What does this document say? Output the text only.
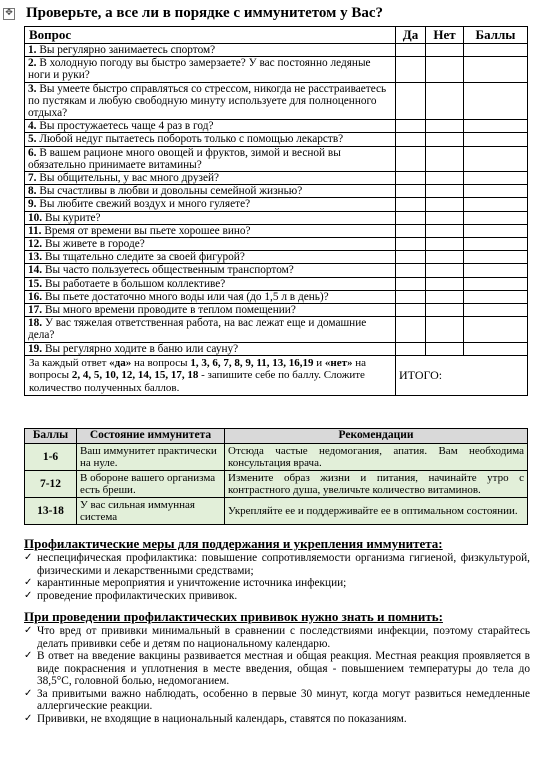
✥ Проверьте, а все ли в порядке с иммунитетом у Вас?
Вопрос	Да	Нет	Баллы
1. Вы регулярно занимаетесь спортом?			
2. В холодную погоду вы быстро замерзаете? У вас постоянно ледяные ноги и руки?			
3. Вы умеете быстро справляться со стрессом, никогда не расстраиваетесь по пустякам и любую свободную минуту используете для полноценного отдыха?			
4. Вы простужаетесь чаще 4 раз в год?			
5. Любой недуг пытаетесь побороть только с помощью лекарств?			
6. В вашем рационе много овощей и фруктов, зимой и весной вы обязательно принимаете витамины?			
7. Вы общительны, у вас много друзей?			
8. Вы счастливы в любви и довольны семейной жизнью?			
9. Вы любите свежий воздух и много гуляете?			
10. Вы курите?			
11. Время от времени вы пьете хорошее вино?			
12. Вы живете в городе?			
13. Вы тщательно следите за своей фигурой?			
14. Вы часто пользуетесь общественным транспортом?			
15. Вы работаете в большом коллективе?			
16. Вы пьете достаточно много воды или чая (до 1,5 л в день)?			
17. Вы много времени проводите в теплом помещении?			
18. У вас тяжелая ответственная работа, на вас лежат еще и домашние дела?			
19. Вы регулярно ходите в баню или сауну?			
За каждый ответ «да» на вопросы 1, 3, 6, 7, 8, 9, 11, 13, 16,19 и «нет» на вопросы 2, 4, 5, 10, 12, 14, 15, 17, 18 - запишите себе по баллу. Сложите количество полученных баллов.	ИТОГО:		
Баллы	Состояние иммунитета	Рекомендации
1-6	Ваш иммунитет практически на нуле.	Отсюда частые недомогания, апатия. Вам необходима консультация врача.
7-12	В обороне вашего организма есть бреши.	Измените образ жизни и питания, начинайте утро с контрастного душа, увеличьте количество витаминов.
13-18	У вас сильная иммунная система	Укрепляйте ее и поддерживайте ее в оптимальном состоянии.
Профилактические меры для поддержания и укрепления иммунитета:
✓ неспецифическая профилактика: повышение сопротивляемости организма гигиеной, физкультурой, физическими и лекарственными средствами;
✓ карантинные мероприятия и уничтожение источника инфекции;
✓ проведение профилактических прививок.
При проведении профилактических прививок нужно знать и помнить:
✓ Что вред от прививки минимальный в сравнении с последствиями инфекции, поэтому старайтесь делать прививки себе и детям по национальному календарю.
✓ В ответ на введение вакцины развивается местная и общая реакция. Местная реакция проявляется в виде покраснения и уплотнения в месте введения, общая - повышением температуры до тела до 38,5°С, головной болью, недомоганием.
✓ За привитыми важно наблюдать, особенно в первые 30 минут, когда могут развиться немедленные аллергические реакции.
✓ Прививки, не входящие в национальный календарь, ставятся по показаниям.
